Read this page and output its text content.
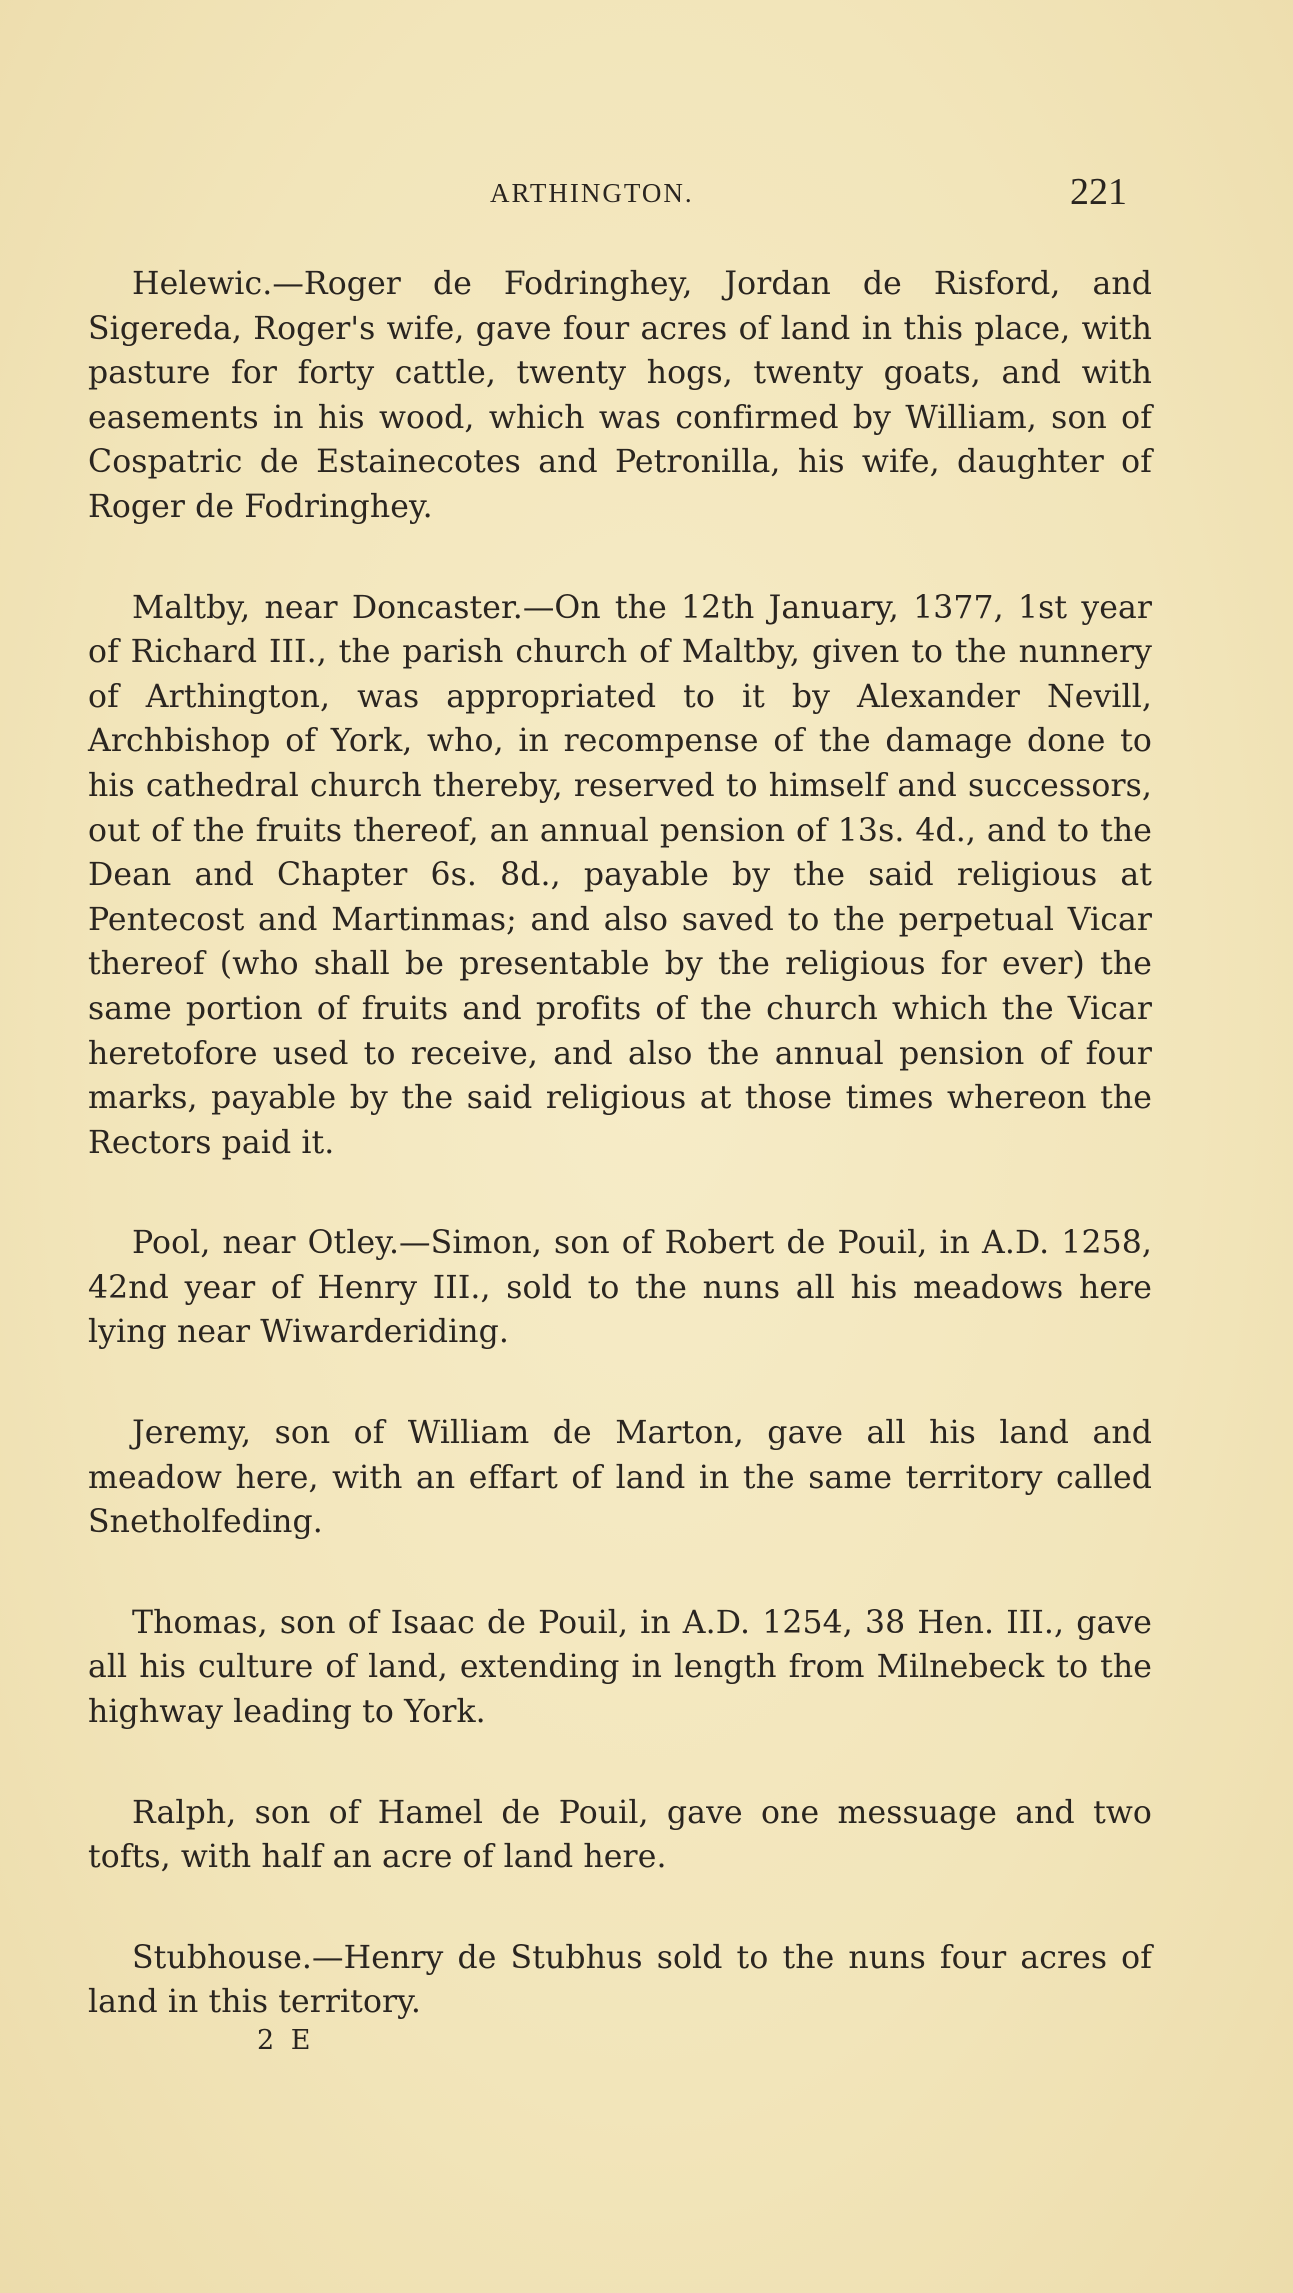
ARTHINGTON.	221

Helewic.—Roger de Fodringhey, Jordan de Risford, and Sigereda, Roger's wife, gave four acres of land in this place, with pasture for forty cattle, twenty hogs, twenty goats, and with easements in his wood, which was confirmed by William, son of Cospatric de Estainecotes and Petronilla, his wife, daughter of Roger de Fodringhey.

Maltby, near Doncaster.—On the 12th January, 1377, 1st year of Richard III., the parish church of Maltby, given to the nunnery of Arthington, was appropriated to it by Alexander Nevill, Archbishop of York, who, in recompense of the damage done to his cathedral church thereby, reserved to himself and successors, out of the fruits thereof, an annual pension of 13s. 4d., and to the Dean and Chapter 6s. 8d., payable by the said religious at Pentecost and Martinmas; and also saved to the perpetual Vicar thereof (who shall be presentable by the religious for ever) the same portion of fruits and profits of the church which the Vicar heretofore used to receive, and also the annual pension of four marks, payable by the said religious at those times whereon the Rectors paid it.

Pool, near Otley.—Simon, son of Robert de Pouil, in A.D. 1258, 42nd year of Henry III., sold to the nuns all his meadows here lying near Wiwarderiding.

Jeremy, son of William de Marton, gave all his land and meadow here, with an effart of land in the same territory called Snetholfeding.

Thomas, son of Isaac de Pouil, in A.D. 1254, 38 Hen. III., gave all his culture of land, extending in length from Milnebeck to the highway leading to York.

Ralph, son of Hamel de Pouil, gave one messuage and two tofts, with half an acre of land here.

Stubhouse.—Henry de Stubhus sold to the nuns four acres of land in this territory.

2 E
